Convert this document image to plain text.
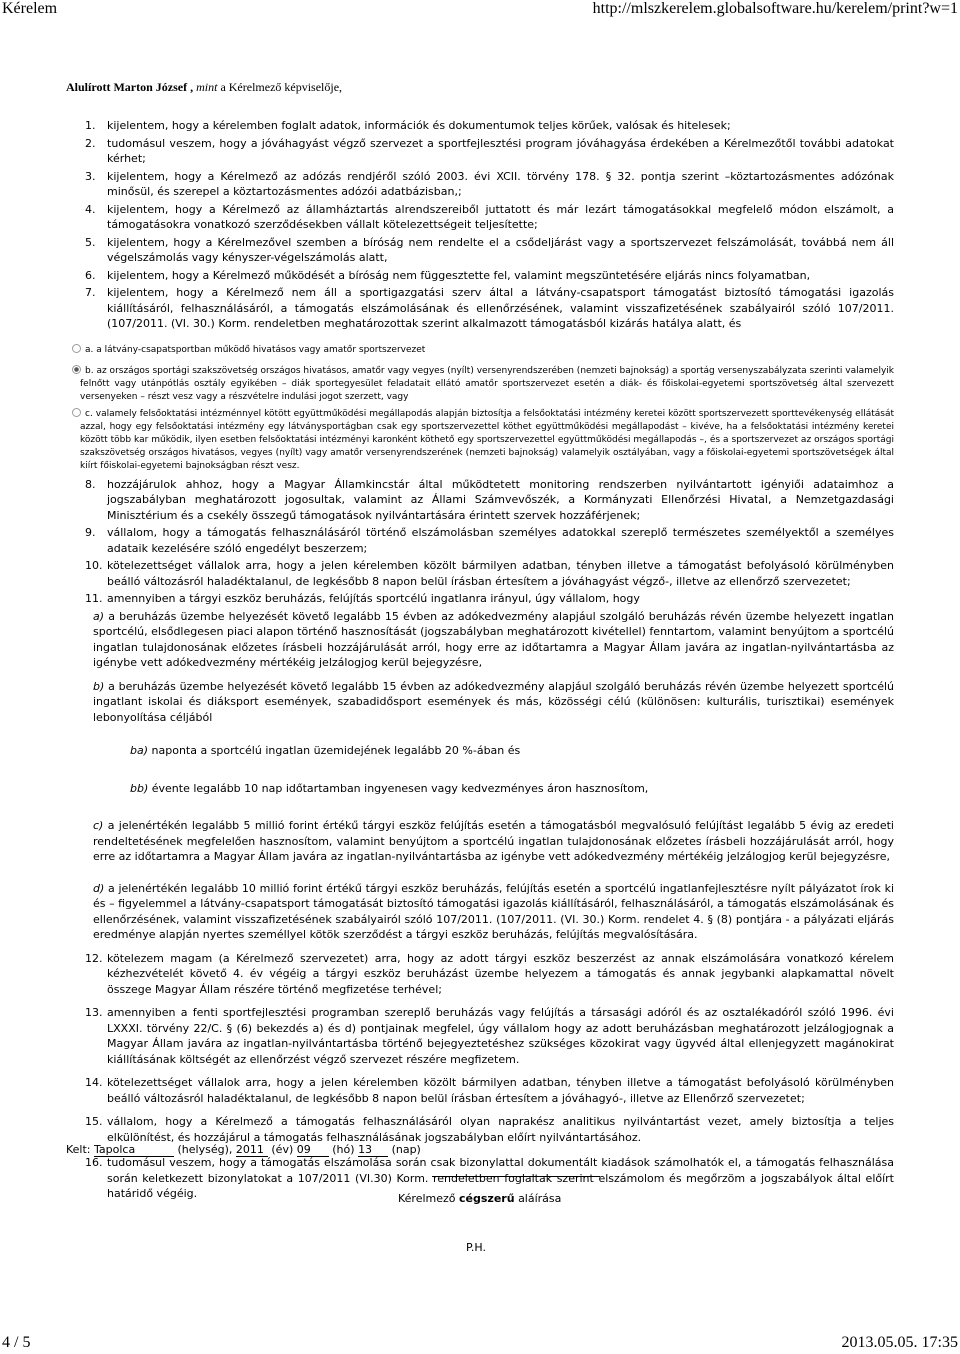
Kérelem	http://mlszkerelem.globalsoftware.hu/kerelem/print?w=1
Alulírott Marton József , mint a Kérelmező képviselője,
1. kijelentem, hogy a kérelemben foglalt adatok, információk és dokumentumok teljes körűek, valósak és hitelesek;
2. tudomásul veszem, hogy a jóváhagyást végző szervezet a sportfejlesztési program jóváhagyása érdekében a Kérelmezőtől további adatokat kérhet;
3. kijelentem, hogy a Kérelmező az adózás rendjéről szóló 2003. évi XCII. törvény 178. § 32. pontja szerint –köztartozásmentes adózónak minősül, és szerepel a köztartozásmentes adózói adatbázisban,;
4. kijelentem, hogy a Kérelmező az államháztartás alrendszereiből juttatott és már lezárt támogatásokkal megfelelő módon elszámolt, a támogatásokra vonatkozó szerződésekben vállalt kötelezettségeit teljesítette;
5. kijelentem, hogy a Kérelmezővel szemben a bíróság nem rendelte el a csődeljárást vagy a sportszervezet felszámolását, továbbá nem áll végelszámolás vagy kényszer-végelszámolás alatt,
6. kijelentem, hogy a Kérelmező működését a bíróság nem függesztette fel, valamint megszüntetésére eljárás nincs folyamatban,
7. kijelentem, hogy a Kérelmező nem áll a sportigazgatási szerv által a látvány-csapatsport támogatást biztosító támogatási igazolás kiállításáról, felhasználásáról, a támogatás elszámolásának és ellenőrzésének, valamint visszafizetésének szabályairól szóló 107/2011. (107/2011. (VI. 30.) Korm. rendeletben meghatározottak szerint alkalmazott támogatásból kizárás hatálya alatt, és
a. a látvány-csapatsportban működő hivatásos vagy amatőr sportszervezet
b. az országos sportági szakszövetség országos hivatásos, amatőr vagy vegyes (nyílt) versenyrendszerében (nemzeti bajnokság) a sportág versenyszabályzata szerinti valamelyik felnőtt vagy utánpótlás osztály egyikében – diák sportegyesület feladatait ellátó amatőr sportszervezet esetén a diák- és főiskolai-egyetemi sportszövetség által szervezett versenyeken – részt vesz vagy a részvételre indulási jogot szerzett, vagy
c. valamely felsőoktatási intézménnyel kötött együttműködési megállapodás alapján biztosítja a felsőoktatási intézmény keretei között sportszervezett sporttevékenység ellátását azzal, hogy egy felsőoktatási intézmény egy látványsportágban csak egy sportszervezettel köthet együttműködési megállapodást – kivéve, ha a felsőoktatási intézmény keretei között több kar működik, ilyen esetben felsőoktatási intézményi karonként köthető egy sportszervezettel együttműködési megállapodás –, és a sportszervezet az országos sportági szakszövetség országos hivatásos, vegyes (nyílt) vagy amatőr versenyrendszerének (nemzeti bajnokság) valamelyik osztályában, vagy a főiskolai-egyetemi sportszövetségek által kiírt főiskolai-egyetemi bajnokságban részt vesz.
8. hozzájárulok ahhoz, hogy a Magyar Államkincstár által működtetett monitoring rendszerben nyilvántartott igényiői adataimhoz a jogszabályban meghatározott jogosultak, valamint az Állami Számvevőszék, a Kormányzati Ellenőrzési Hivatal, a Nemzetgazdasági Minisztérium és a csekély összegű támogatások nyilvántartására érintett szervek hozzáférjenek;
9. vállalom, hogy a támogatás felhasználásáról történő elszámolásban személyes adatokkal szereplő természetes személyektől a személyes adataik kezelésére szóló engedélyt beszerzem;
10. kötelezettséget vállalok arra, hogy a jelen kérelemben közölt bármilyen adatban, tényben illetve a támogatást befolyásoló körülményben beálló változásról haladéktalanul, de legkésőbb 8 napon belül írásban értesítem a jóváhagyást végző-, illetve az ellenőrző szervezetet;
11. amennyiben a tárgyi eszköz beruházás, felújítás sportcélú ingatlanra irányul, úgy vállalom, hogy
a) a beruházás üzembe helyezését követő legalább 15 évben az adókedvezmény alapjául szolgáló beruházás révén üzembe helyezett ingatlan sportcélú, elsődlegesen piaci alapon történő hasznosítását (jogszabályban meghatározott kivétellel) fenntartom, valamint benyújtom a sportcélú ingatlan tulajdonosának előzetes írásbeli hozzájárulását arról, hogy erre az időtartamra a Magyar Állam javára az ingatlan-nyilvántartásba az igénybe vett adókedvezmény mértékéig jelzálogjog kerül bejegyzésre,
b) a beruházás üzembe helyezését követő legalább 15 évben az adókedvezmény alapjául szolgáló beruházás révén üzembe helyezett sportcélú ingatlant iskolai és diáksport események, szabadidősport események és más, közösségi célú (különösen: kulturális, turisztikai) események lebonyolítása céljából
ba) naponta a sportcélú ingatlan üzemidejének legalább 20 %-ában és
bb) évente legalább 10 nap időtartamban ingyenesen vagy kedvezményes áron hasznosítom,
c) a jelenértékén legalább 5 millió forint értékű tárgyi eszköz felújítás esetén a támogatásból megvalósuló felújítást legalább 5 évig az eredeti rendeltetésének megfelelően hasznosítom, valamint benyújtom a sportcélú ingatlan tulajdonosának előzetes írásbeli hozzájárulását arról, hogy erre az időtartamra a Magyar Állam javára az ingatlan-nyilvántartásba az igénybe vett adókedvezmény mértékéig jelzálogjog kerül bejegyzésre,
d) a jelenértékén legalább 10 millió forint értékű tárgyi eszköz beruházás, felújítás esetén a sportcélú ingatlanfejlesztésre nyílt pályázatot írok ki és – figyelemmel a látvány-csapatsport támogatását biztosító támogatási igazolás kiállításáról, felhasználásáról, a támogatás elszámolásának és ellenőrzésének, valamint visszafizetésének szabályairól szóló 107/2011. (107/2011. (VI. 30.) Korm. rendelet 4. § (8) pontjára - a pályázati eljárás eredménye alapján nyertes személlyel kötök szerződést a tárgyi eszköz beruházás, felújítás megvalósítására.
12. kötelezem magam (a Kérelmező szervezetet) arra, hogy az adott tárgyi eszköz beszerzést az annak elszámolására vonatkozó kérelem kézhezvételét követő 4. év végéig a tárgyi eszköz beruházást üzembe helyezem a támogatás és annak jegybanki alapkamattal növelt összege Magyar Állam részére történő megfizetése terhével;
13. amennyiben a fenti sportfejlesztési programban szereplő beruházás vagy felújítás a társasági adóról és az osztalékadóról szóló 1996. évi LXXXI. törvény 22/C. § (6) bekezdés a) és d) pontjainak megfelel, úgy vállalom hogy az adott beruházásban meghatározott jelzálogjognak a Magyar Állam javára az ingatlan-nyilvántartásba történő bejegyeztetéshez szükséges közokirat vagy ügyvéd által ellenjegyzett magánokirat kiállításának költségét az ellenőrzést végző szervezet részére megfizetem.
14. kötelezettséget vállalok arra, hogy a jelen kérelemben közölt bármilyen adatban, tényben illetve a támogatást befolyásoló körülményben beálló változásról haladéktalanul, de legkésőbb 8 napon belül írásban értesítem a jóváhagyó-, illetve az Ellenőrző szervezetet;
15. vállalom, hogy a Kérelmező a támogatás felhasználásáról olyan naprakész analitikus nyilvántartást vezet, amely biztosítja a teljes elkülönítést, és hozzájárul a támogatás felhasználásának jogszabályban előírt nyilvántartásához.
16. tudomásul veszem, hogy a támogatás elszámolása során csak bizonylattal dokumentált kiadások számolhatók el, a támogatás felhasználása során keletkezett bizonylatokat a 107/2011 (VI.30) Korm. rendeletben foglaltak szerint elszámolom és megőrzöm a jogszabályok által előírt határidő végéig.
Kelt: Tapolca	(helység), 2011 (év) 09 (hó) 13 (nap)
Kérelmező cégszerű aláírása
P.H.
4 / 5	2013.05.05. 17:35
